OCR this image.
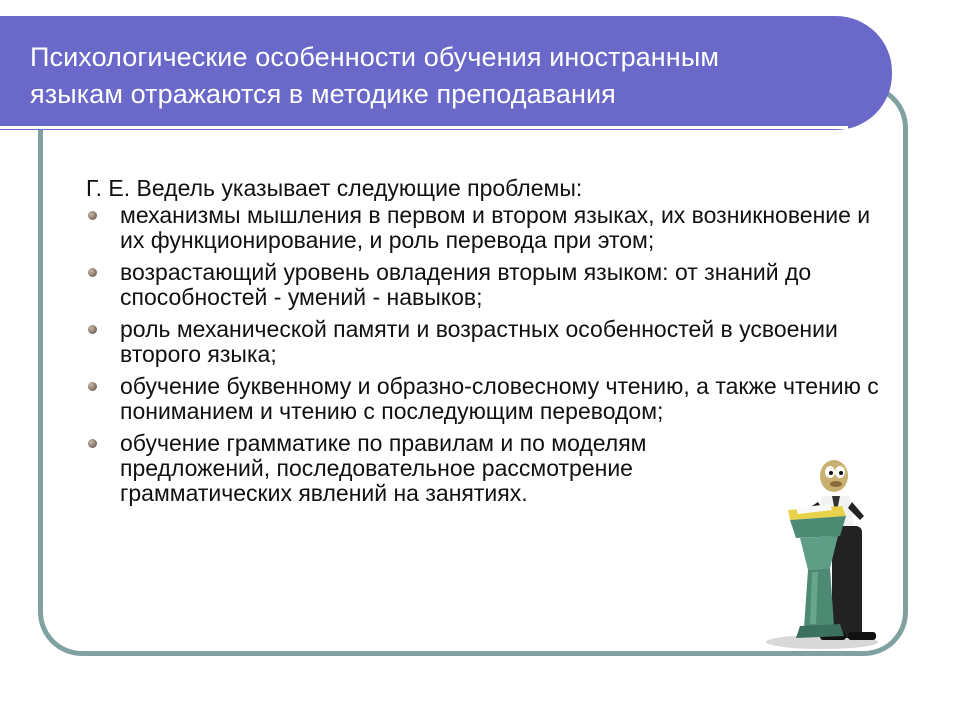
Психологические особенности обучения иностранным
языкам отражаются в методике преподавания

Г. Е. Ведель указывает следующие проблемы:

механизмы мышления в первом и втором языках, их возникновение и их функционирование, и роль перевода при этом;
возрастающий уровень овладения вторым языком: от знаний до способностей - умений - навыков;
роль механической памяти и возрастных особенностей в усвоении второго языка;
обучение буквенному и образно-словесному чтению, а также чтению с пониманием и чтению с последующим переводом;
обучение грамматике по правилам и по моделям предложений, последовательное рассмотрение грамматических явлений на занятиях.
